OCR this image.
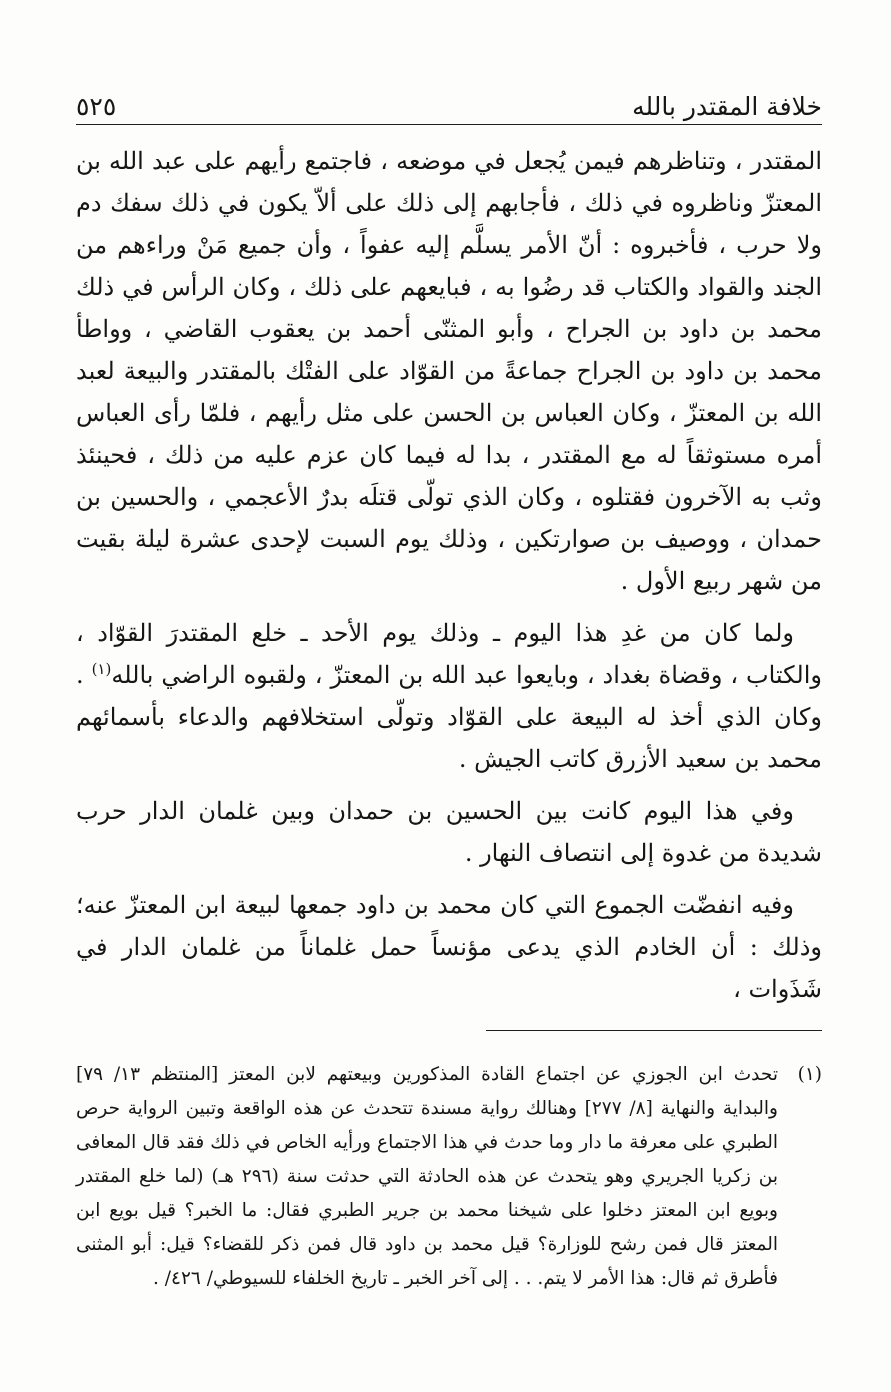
٥٢٥	خلافة المقتدر بالله

المقتدر ، وتناظرهم فيمن يُجعل في موضعه ، فاجتمع رأيهم على عبد الله بن المعتزّ وناظروه في ذلك ، فأجابهم إلى ذلك على ألاّ يكون في ذلك سفك دم ولا حرب ، فأخبروه : أنّ الأمر يسلَّم إليه عفواً ، وأن جميع مَنْ وراءهم من الجند والقواد والكتاب قد رضُوا به ، فبايعهم على ذلك ، وكان الرأس في ذلك محمد بن داود بن الجراح ، وأبو المثنّى أحمد بن يعقوب القاضي ، وواطأ محمد بن داود بن الجراح جماعةً من القوّاد على الفتْك بالمقتدر والبيعة لعبد الله بن المعتزّ ، وكان العباس بن الحسن على مثل رأيهم ، فلمّا رأى العباس أمره مستوثقاً له مع المقتدر ، بدا له فيما كان عزم عليه من ذلك ، فحينئذ وثب به الآخرون فقتلوه ، وكان الذي تولّى قتلَه بدرٌ الأعجمي ، والحسين بن حمدان ، ووصيف بن صوارتكين ، وذلك يوم السبت لإحدى عشرة ليلة بقيت من شهر ربيع الأول .

ولما كان من غدِ هذا اليوم ـ وذلك يوم الأحد ـ خلع المقتدرَ القوّاد ، والكتاب ، وقضاة بغداد ، وبايعوا عبد الله بن المعتزّ ، ولقبوه الراضي بالله$^{(١)}$ . وكان الذي أخذ له البيعة على القوّاد وتولّى استخلافهم والدعاء بأسمائهم محمد بن سعيد الأزرق كاتب الجيش .

وفي هذا اليوم كانت بين الحسين بن حمدان وبين غلمان الدار حرب شديدة من غدوة إلى انتصاف النهار .

وفيه انفضّت الجموع التي كان محمد بن داود جمعها لبيعة ابن المعتزّ عنه؛ وذلك : أن الخادم الذي يدعى مؤنساً حمل غلماناً من غلمان الدار في شَذَوات ،

(١)
تحدث ابن الجوزي عن اجتماع القادة المذكورين وبيعتهم لابن المعتز [المنتظم ١٣/ ٧٩] والبداية والنهاية [٨/ ٢٧٧] وهنالك رواية مسندة تتحدث عن هذه الواقعة وتبين الرواية حرص الطبري على معرفة ما دار وما حدث في هذا الاجتماع ورأيه الخاص في ذلك فقد قال المعافى بن زكريا الجريري وهو يتحدث عن هذه الحادثة التي حدثت سنة (٢٩٦ هـ) (لما خلع المقتدر وبويع ابن المعتز دخلوا على شيخنا محمد بن جرير الطبري فقال: ما الخبر؟ قيل بويع ابن المعتز قال فمن رشح للوزارة؟ قيل محمد بن داود قال فمن ذكر للقضاء؟ قيل: أبو المثنى فأطرق ثم قال: هذا الأمر لا يتم. . . إلى آخر الخبر ـ تاريخ الخلفاء للسيوطي/ ٤٢٦/ .
